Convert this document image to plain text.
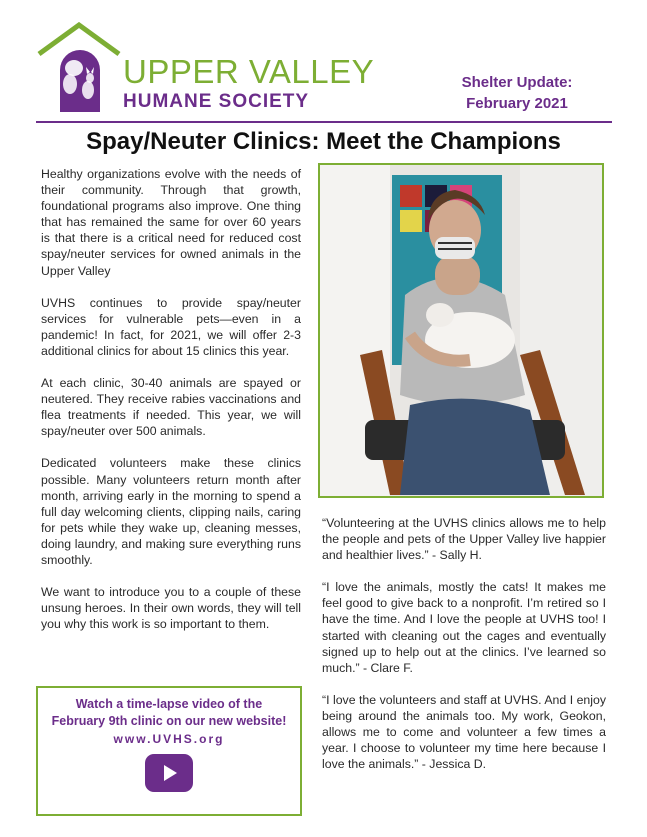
UPPER VALLEY
HUMANE SOCIETY
Shelter Update:
February 2021
Spay/Neuter Clinics: Meet the Champions

Healthy organizations evolve with the needs of their community. Through that growth, foundational programs also improve. One thing that has remained the same for over 60 years is that there is a critical need for reduced cost spay/neuter services for owned animals in the Upper Valley

UVHS continues to provide spay/neuter services for vulnerable pets—even in a pandemic! In fact, for 2021, we will offer 2-3 additional clinics for about 15 clinics this year.

At each clinic, 30-40 animals are spayed or neutered. They receive rabies vaccinations and flea treatments if needed. This year, we will spay/neuter over 500 animals.

Dedicated volunteers make these clinics possible. Many volunteers return month after month, arriving early in the morning to spend a full day welcoming clients, clipping nails, caring for pets while they wake up, cleaning messes, doing laundry, and making sure everything runs smoothly.

We want to introduce you to a couple of these unsung heroes. In their own words, they will tell you why this work is so important to them.

Watch a time-lapse video of the
February 9th clinic on our new website!
www.UVHS.org

“Volunteering at the UVHS clinics allows me to help the people and pets of the Upper Valley live happier and healthier lives.” - Sally H.

“I love the animals, mostly the cats! It makes me feel good to give back to a nonprofit. I’m retired so I have the time. And I love the people at UVHS too! I started with cleaning out the cages and eventually signed up to help out at the clinics. I’ve learned so much.” - Clare F.

“I love the volunteers and staff at UVHS. And I enjoy being around the animals too. My work, Geokon, allows me to come and volunteer a few times a year. I choose to volunteer my time here because I love the animals.” - Jessica D.
